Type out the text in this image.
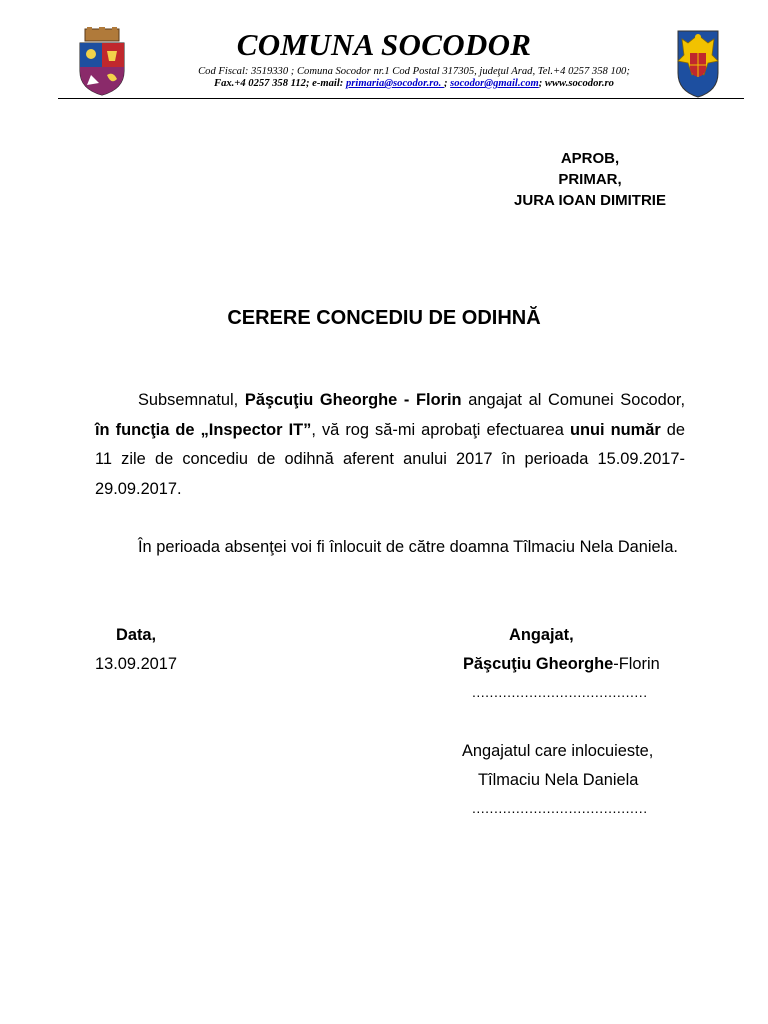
COMUNA SOCODOR
Cod Fiscal: 3519330 ; Comuna Socodor nr.1 Cod Postal 317305, judeţul Arad, Tel.+4 0257 358 100;
Fax.+4 0257 358 112; e-mail: primaria@socodor.ro. ; socodor@gmail.com; www.socodor.ro
APROB,
PRIMAR,
JURA IOAN DIMITRIE
CERERE CONCEDIU DE ODIHNĂ
Subsemnatul, Păşcuţiu Gheorghe - Florin angajat al Comunei Socodor, în funcţia de „Inspector IT”, vă rog să-mi aprobaţi efectuarea unui număr de 11 zile de concediu de odihnă aferent anului 2017 în perioada 15.09.2017-29.09.2017.
În perioada absenţei voi fi înlocuit de către doamna Tîlmaciu Nela Daniela.
Data,
13.09.2017
Angajat,
Păşcuţiu Gheorghe-Florin
........................................
Angajatul care inlocuieste,
Tîlmaciu Nela Daniela
........................................
